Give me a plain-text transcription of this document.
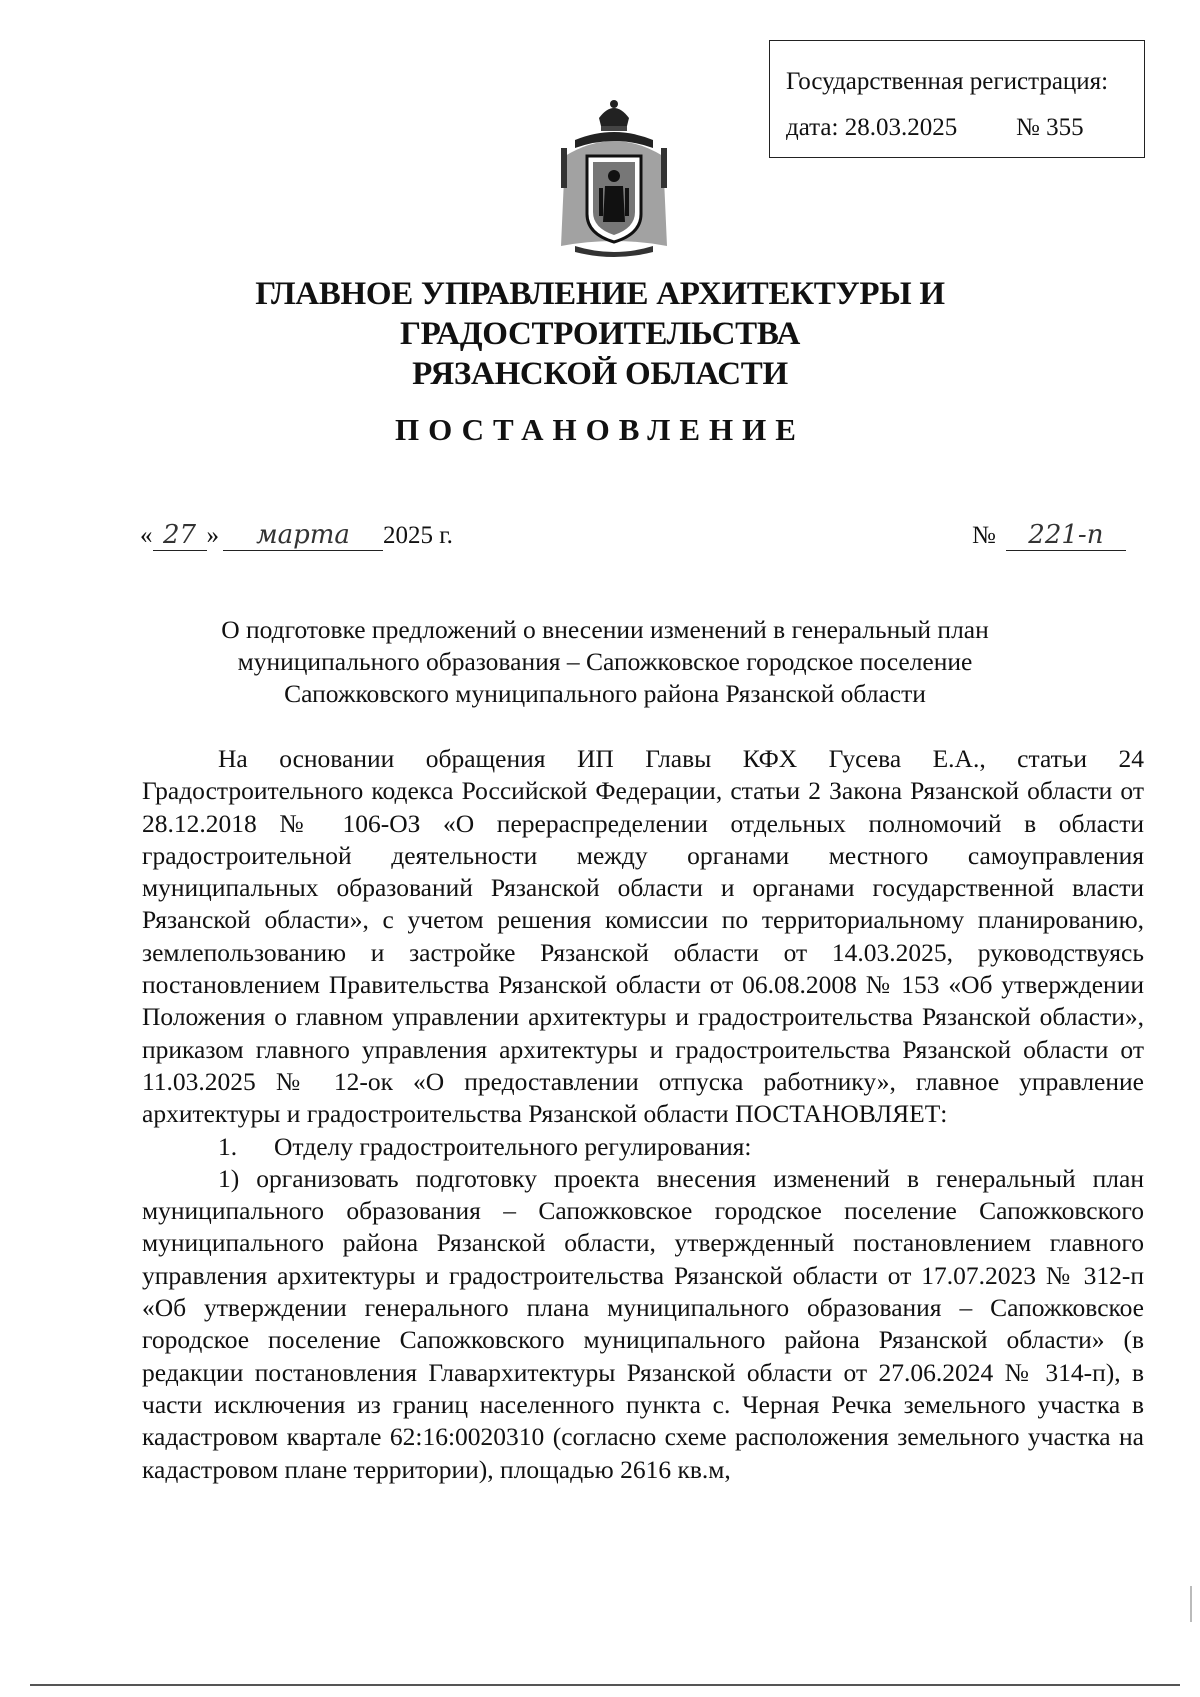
Государственная регистрация:
дата: 28.03.2025	№ 355
ГЛАВНОЕ УПРАВЛЕНИЕ АРХИТЕКТУРЫ И ГРАДОСТРОИТЕЛЬСТВА
РЯЗАНСКОЙ ОБЛАСТИ
ПОСТАНОВЛЕНИЕ
« 27 »	марта	2025 г.	№	221-п
О подготовке предложений о внесении изменений в генеральный план
муниципального образования – Сапожковское городское поселение
Сапожковского муниципального района Рязанской области

На основании обращения ИП Главы КФХ Гусева Е.А., статьи 24 Градостроительного кодекса Российской Федерации, статьи 2 Закона Рязанской области от 28.12.2018 № 106-ОЗ «О перераспределении отдельных полномочий в области градостроительной деятельности между органами местного самоуправления муниципальных образований Рязанской области и органами государственной власти Рязанской области», с учетом решения комиссии по территориальному планированию, землепользованию и застройке Рязанской области от 14.03.2025, руководствуясь постановлением Правительства Рязанской области от 06.08.2008 № 153 «Об утверждении Положения о главном управлении архитектуры и градостроительства Рязанской области», приказом главного управления архитектуры и градостроительства Рязанской области от 11.03.2025 № 12-ок «О предоставлении отпуска работнику», главное управление архитектуры и градостроительства Рязанской области ПОСТАНОВЛЯЕТ:

1. Отделу градостроительного регулирования:

1) организовать подготовку проекта внесения изменений в генеральный план муниципального образования – Сапожковское городское поселение Сапожковского муниципального района Рязанской области, утвержденный постановлением главного управления архитектуры и градостроительства Рязанской области от 17.07.2023 № 312-п «Об утверждении генерального плана муниципального образования – Сапожковское городское поселение Сапожковского муниципального района Рязанской области» (в редакции постановления Главархитектуры Рязанской области от 27.06.2024 № 314-п), в части исключения из границ населенного пункта с. Черная Речка земельного участка в кадастровом квартале 62:16:0020310 (согласно схеме расположения земельного участка на кадастровом плане территории), площадью 2616 кв.м,
